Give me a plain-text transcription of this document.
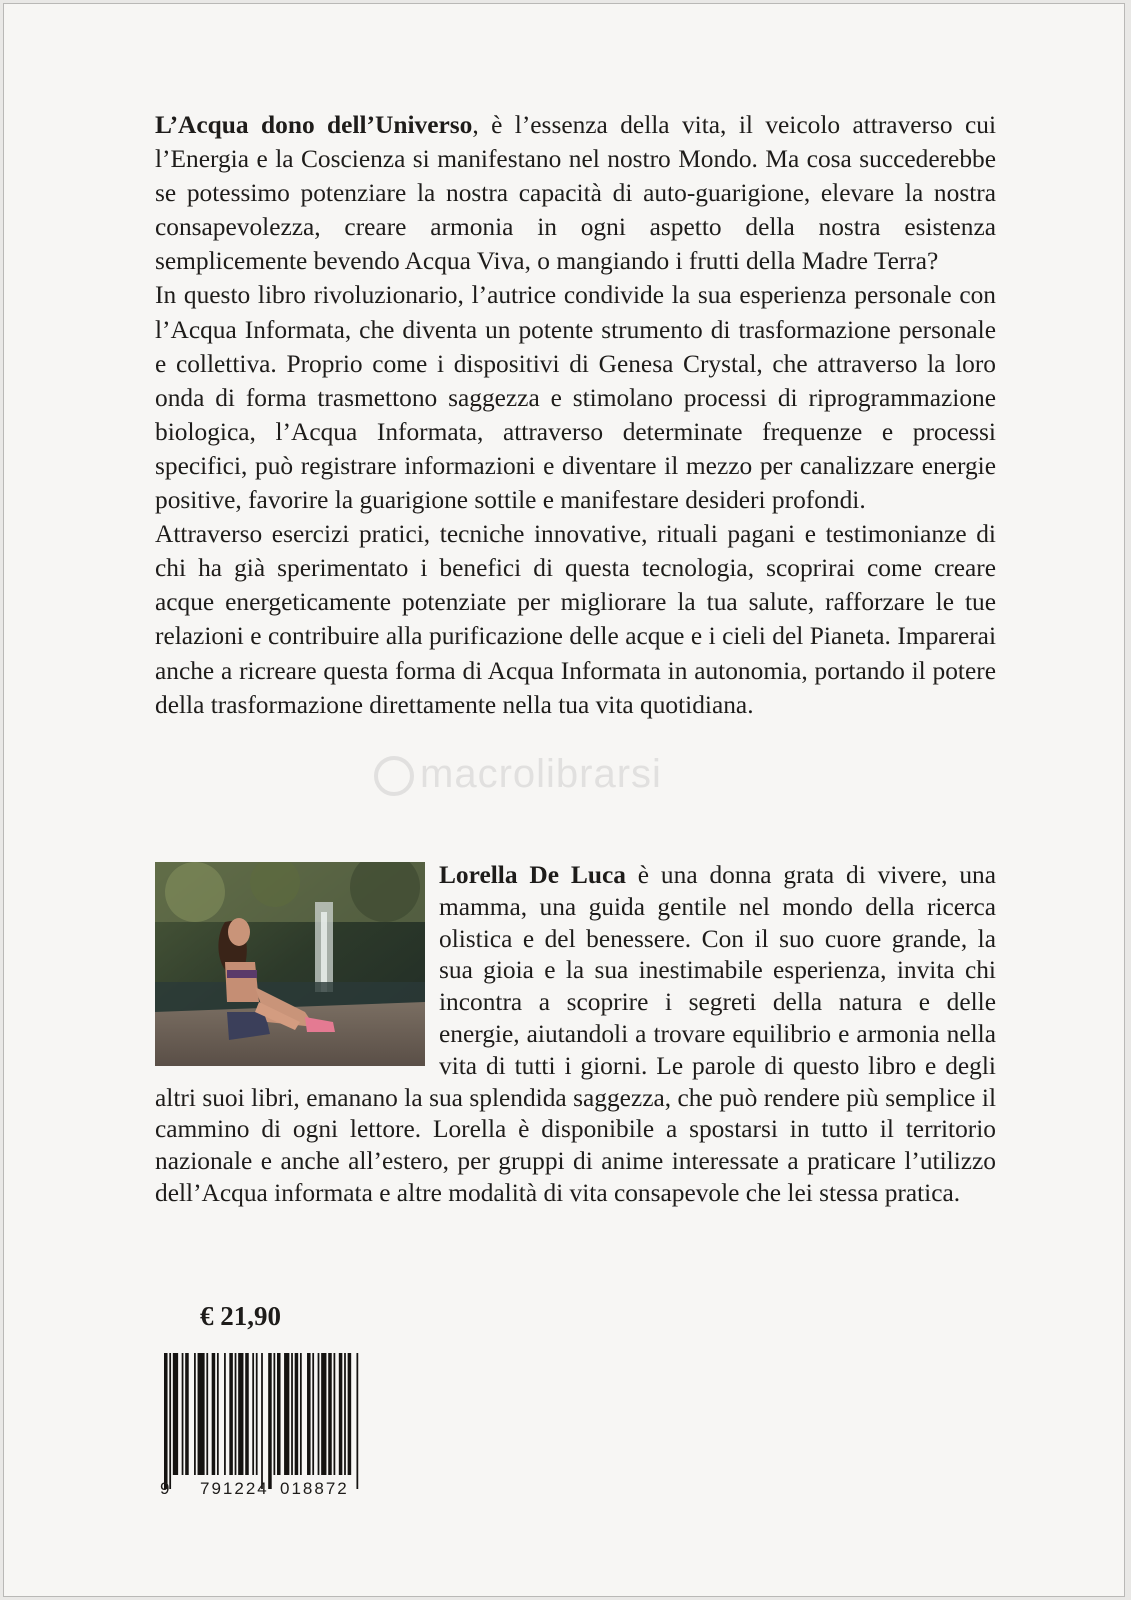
L’Acqua dono dell’Universo, è l’essenza della vita, il veicolo attraverso cui l’Energia e la Coscienza si manifestano nel nostro Mondo. Ma cosa succederebbe se potessimo potenziare la nostra capacità di auto-guarigione, elevare la nostra consapevolezza, creare armonia in ogni aspetto della nostra esistenza semplicemente bevendo Acqua Viva, o mangiando i frutti della Madre Terra?

In questo libro rivoluzionario, l’autrice condivide la sua esperienza personale con l’Acqua Informata, che diventa un potente strumento di trasformazione personale e collettiva. Proprio come i dispositivi di Genesa Crystal, che attraverso la loro onda di forma trasmettono saggezza e stimolano processi di riprogrammazione biologica, l’Acqua Informata, attraverso determinate frequenze e processi specifici, può registrare informazioni e diventare il mezzo per canalizzare energie positive, favorire la guarigione sottile e manifestare desideri profondi.

Attraverso esercizi pratici, tecniche innovative, rituali pagani e testimonianze di chi ha già sperimentato i benefici di questa tecnologia, scoprirai come creare acque energeticamente potenziate per migliorare la tua salute, rafforzare le tue relazioni e contribuire alla purificazione delle acque e i cieli del Pianeta. Imparerai anche a ricreare questa forma di Acqua Informata in autonomia, portando il potere della trasformazione direttamente nella tua vita quotidiana.

macrolibrarsi
Lorella De Luca è una donna grata di vivere, una mamma, una guida gentile nel mondo della ricerca olistica e del benessere. Con il suo cuore grande, la sua gioia e la sua inestimabile esperienza, invita chi incontra a scoprire i segreti della natura e delle energie, aiutandoli a trovare equilibrio e armonia nella vita di tutti i giorni. Le parole di questo libro e degli altri suoi libri, emanano la sua splendida saggezza, che può rendere più semplice il cammino di ogni lettore. Lorella è disponibile a spostarsi in tutto il territorio nazionale e anche all’estero, per gruppi di anime interessate a praticare l’utilizzo dell’Acqua informata e altre modalità di vita consapevole che lei stessa pratica.
€ 21,90
9 791224 018872
